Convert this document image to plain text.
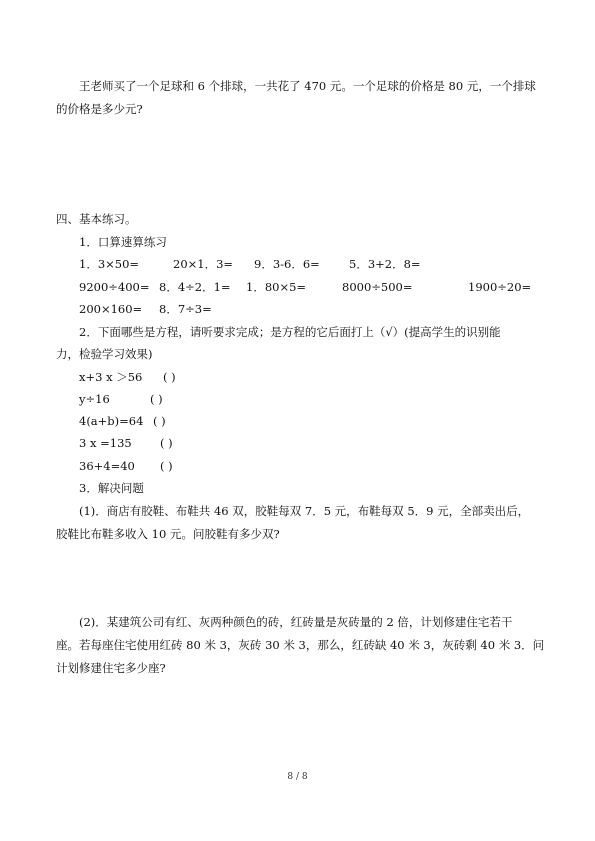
王老师买了一个足球和 6 个排球，一共花了 470 元。一个足球的价格是 80 元，一个排球
的价格是多少元?
四、基本练习。
1．口算速算练习
1．3×50=	20×1．3= 9．3-6．6=	5．3+2．8=
9200÷400= 8．4÷2．1= 1．80×5=	8000÷500=	1900÷20=
200×160= 8．7÷3=
2．下面哪些是方程，请听要求完成；是方程的它后面打上（√）(提高学生的识别能
力，检验学习效果)
x+3 x ＞56 ( )
y÷16	( )
4(a+b)=64 ( )
3 x =135 ( )
36+4=40 ( )
3．解决问题
(1)．商店有胶鞋、布鞋共 46 双，胶鞋每双 7．5 元，布鞋每双 5．9 元，全部卖出后，
胶鞋比布鞋多收入 10 元。问胶鞋有多少双?
(2)．某建筑公司有红、灰两种颜色的砖，红砖量是灰砖量的 2 倍，计划修建住宅若干
座。若每座住宅使用红砖 80 米 3，灰砖 30 米 3，那么，红砖缺 40 米 3，灰砖剩 40 米 3．问
计划修建住宅多少座?
8 / 8
